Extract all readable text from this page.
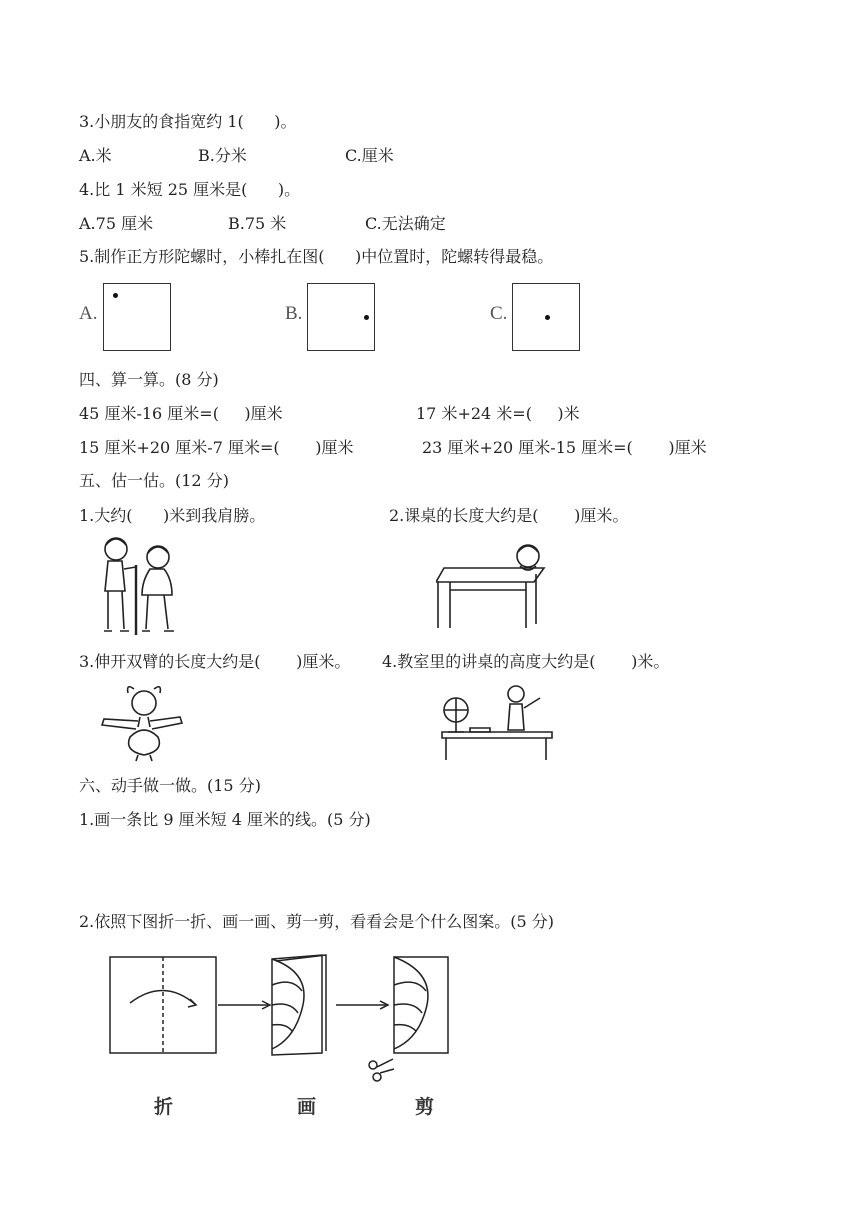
3.小朋友的食指宽约 1(      )。
A.米	B.分米	C.厘米
4.比 1 米短 25 厘米是(      )。
A.75 厘米	B.75 米	C.无法确定
5.制作正方形陀螺时，小棒扎在图(      )中位置时，陀螺转得最稳。
A.	B.	C.
四、算一算。(8 分)
45 厘米-16 厘米=(     )厘米	17 米+24 米=(     )米
15 厘米+20 厘米-7 厘米=(       )厘米	23 厘米+20 厘米-15 厘米=(       )厘米
五、估一估。(12 分)
1.大约(      )米到我肩膀。	2.课桌的长度大约是(       )厘米。
3.伸开双臂的长度大约是(       )厘米。 4.教室里的讲桌的高度大约是(       )米。
六、动手做一做。(15 分)
1.画一条比 9 厘米短 4 厘米的线。(5 分)
2.依照下图折一折、画一画、剪一剪，看看会是个什么图案。(5 分)
折	画	剪
